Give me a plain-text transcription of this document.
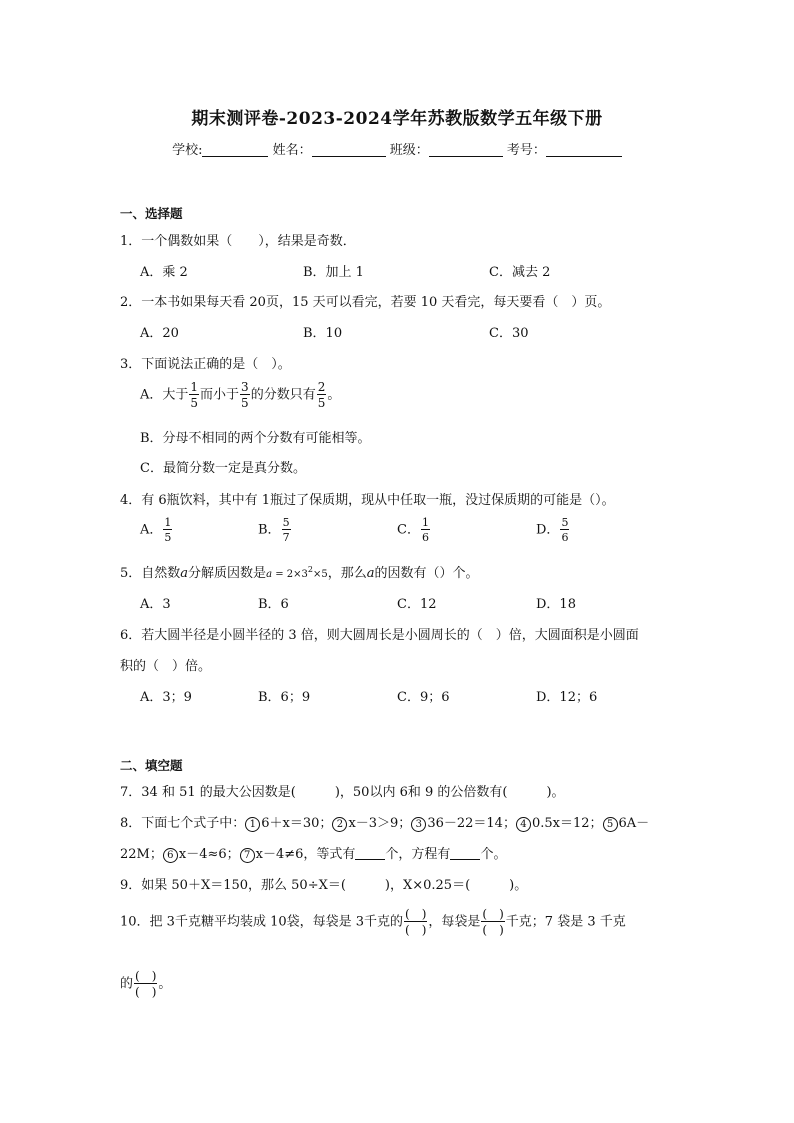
期末测评卷-2023-2024学年苏教版数学五年级下册
学校:	姓名：	班级：	考号：
一、选择题
1．一个偶数如果（　　），结果是奇数．
A．乘 2	B．加上 1	C．减去 2
2．一本书如果每天看 20页，15 天可以看完，若要 10 天看完，每天要看（　）页。
A．20	B．10	C．30
3．下面说法正确的是（　）。
A．大于 $\frac{1}{5}$ 而小于 $\frac{3}{5}$ 的分数只有 $\frac{2}{5}$ 。
B．分母不相同的两个分数有可能相等。
C．最简分数一定是真分数。
4．有 6瓶饮料，其中有 1瓶过了保质期，现从中任取一瓶，没过保质期的可能是（）。
A． $\frac{1}{5}$	B． $\frac{5}{7}$	C． $\frac{1}{6}$	D． $\frac{5}{6}$
5．自然数a分解质因数是$a = 2\times 3^2\times 5$，那么a的因数有（）个。
A．3	B．6	C．12	D．18
6．若大圆半径是小圆半径的 3 倍，则大圆周长是小圆周长的（　）倍，大圆面积是小圆面
积的（　）倍。
A．3；9	B．6；9	C．9；6	D．12；6
二、填空题
7．34 和 51 的最大公因数是(　　　)，50以内 6和 9 的公倍数有(　　　)。
8．下面七个式子中： 1 6＋x＝30； 2 x－3＞9； 3 36－22＝14； 4 0.5x＝12； 5 6A－
22M； 6 x－4≈6； 7 x－4≠6，等式有 个，方程有 个。
9．如果 50＋X＝150，那么 50÷X＝(　　　)，X×0.25＝(　　　)。
10．把 3千克糖平均装成 10袋，每袋是 3千克的 $\frac{( )}{( )}$ ，每袋是 $\frac{( )}{( )}$ 千克；7 袋是 3 千克
的 $\frac{( )}{( )}$ 。
